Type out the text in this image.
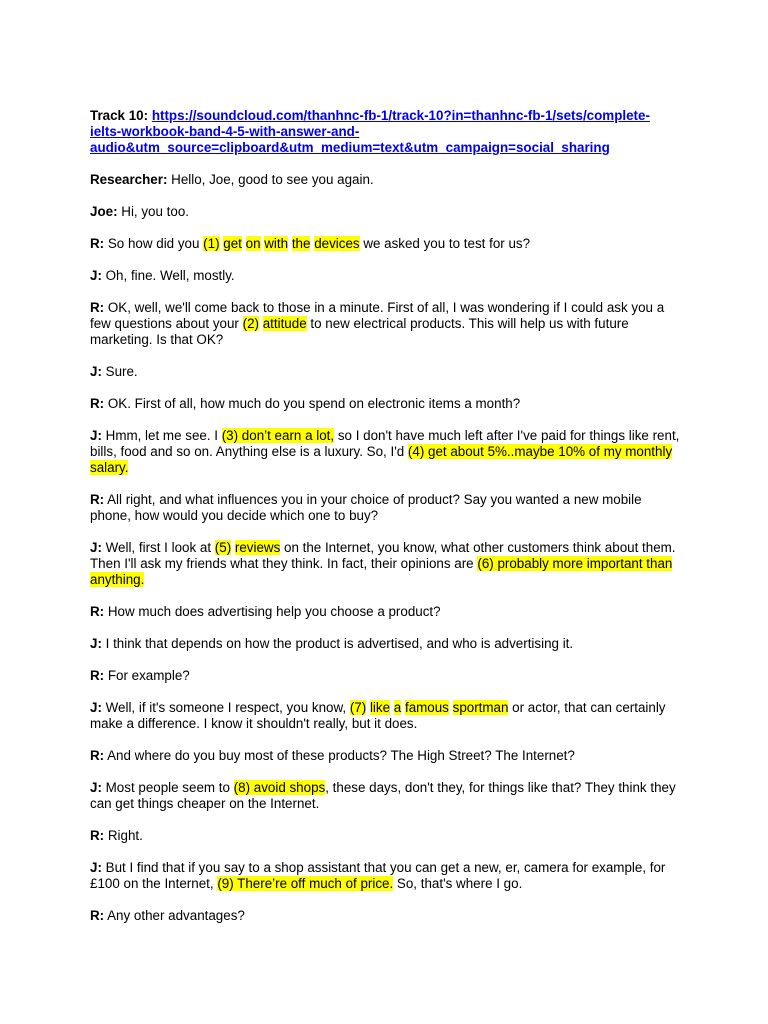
Track 10: https://soundcloud.com/thanhnc-fb-1/track-10?in=thanhnc-fb-1/sets/complete-ielts-workbook-band-4-5-with-answer-and-audio&utm_source=clipboard&utm_medium=text&utm_campaign=social_sharing

Researcher: Hello, Joe, good to see you again.

Joe: Hi, you too.

R: So how did you (1) get on with the devices we asked you to test for us?

J: Oh, fine. Well, mostly.

R: OK, well, we'll come back to those in a minute. First of all, I was wondering if I could ask you a few questions about your (2) attitude to new electrical products. This will help us with future marketing. Is that OK?

J: Sure.

R: OK. First of all, how much do you spend on electronic items a month?

J: Hmm, let me see. I (3) don’t earn a lot, so I don't have much left after I've paid for things like rent, bills, food and so on. Anything else is a luxury. So, I'd (4) get about 5%..maybe 10% of my monthly salary.

R: All right, and what influences you in your choice of product? Say you wanted a new mobile phone, how would you decide which one to buy?

J: Well, first I look at (5) reviews on the Internet, you know, what other customers think about them. Then I'll ask my friends what they think. In fact, their opinions are (6) probably more important than anything.

R: How much does advertising help you choose a product?

J: I think that depends on how the product is advertised, and who is advertising it.

R: For example?

J: Well, if it's someone I respect, you know, (7) like a famous sportman or actor, that can certainly make a difference. I know it shouldn't really, but it does.

R: And where do you buy most of these products? The High Street? The Internet?

J: Most people seem to (8) avoid shops, these days, don't they, for things like that? They think they can get things cheaper on the Internet.

R: Right.

J: But I find that if you say to a shop assistant that you can get a new, er, camera for example, for £100 on the Internet, (9) There’re off much of price. So, that's where I go.

R: Any other advantages?
